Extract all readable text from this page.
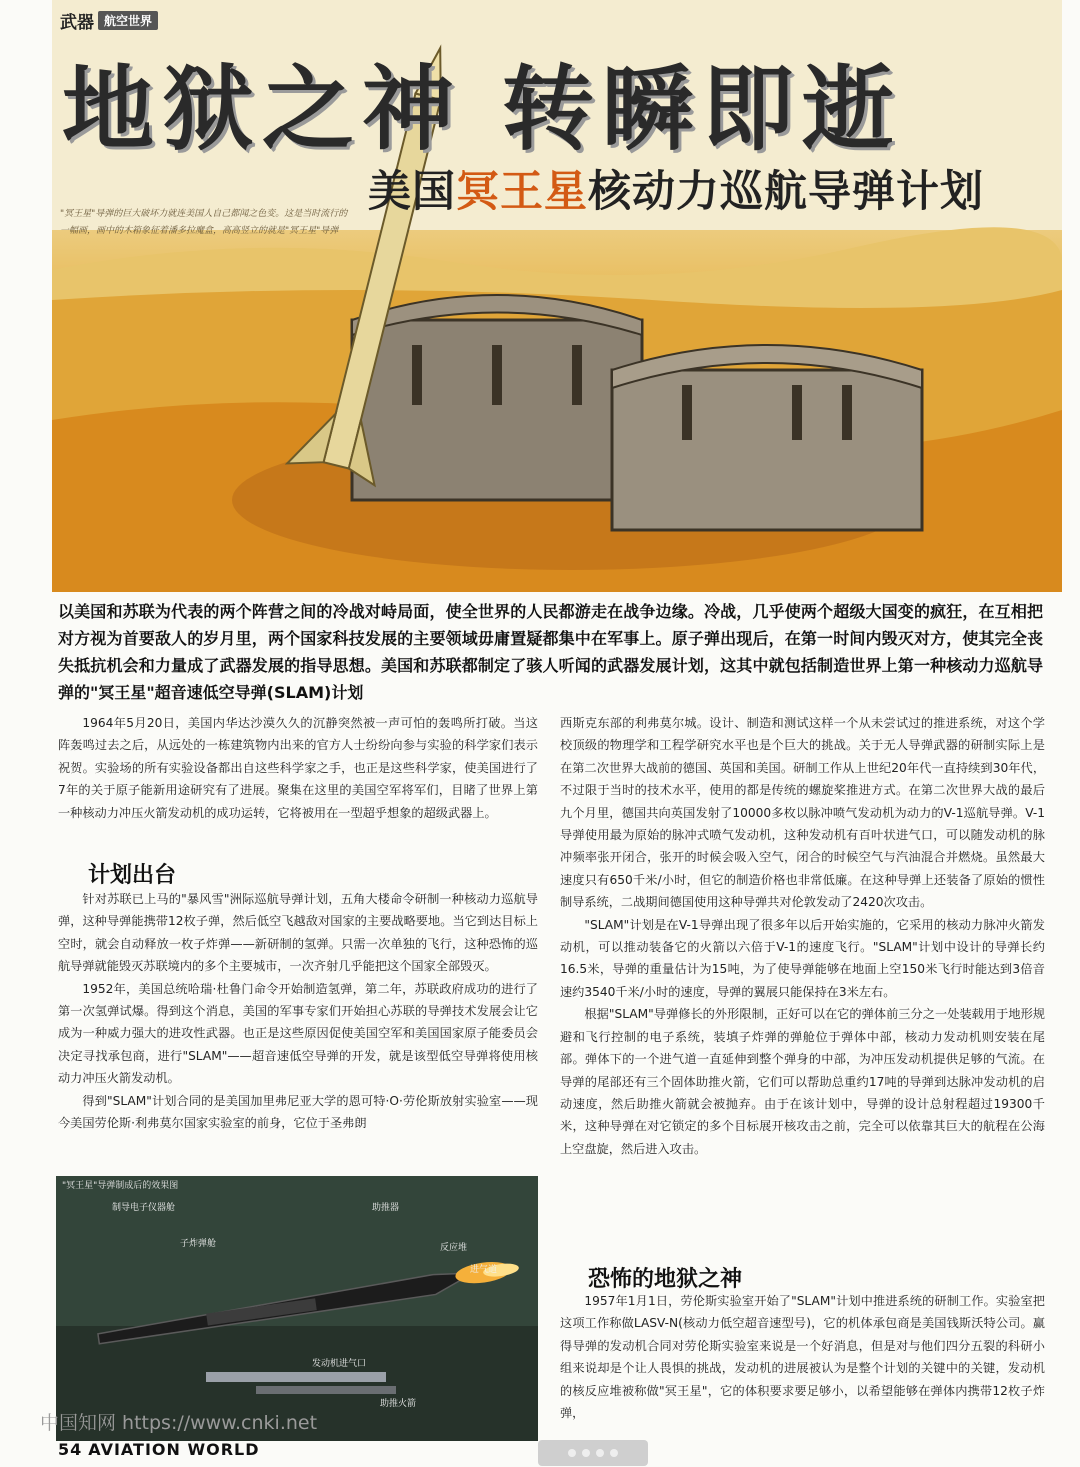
武器 航空世界
地狱之神 转瞬即逝
美国冥王星核动力巡航导弹计划
"冥王星"导弹的巨大破坏力就连美国人自己都闻之色变。这是当时流行的一幅画，画中的木箱象征着潘多拉魔盒，高高竖立的就是"冥王星"导弹
以美国和苏联为代表的两个阵营之间的冷战对峙局面，使全世界的人民都游走在战争边缘。冷战，几乎使两个超级大国变的疯狂，在互相把对方视为首要敌人的岁月里，两个国家科技发展的主要领域毋庸置疑都集中在军事上。原子弹出现后，在第一时间内毁灭对方，使其完全丧失抵抗机会和力量成了武器发展的指导思想。美国和苏联都制定了骇人听闻的武器发展计划，这其中就包括制造世界上第一种核动力巡航导弹的"冥王星"超音速低空导弹(SLAM)计划

1964年5月20日，美国内华达沙漠久久的沉静突然被一声可怕的轰鸣所打破。当这阵轰鸣过去之后，从远处的一栋建筑物内出来的官方人士纷纷向参与实验的科学家们表示祝贺。实验场的所有实验设备都出自这些科学家之手，也正是这些科学家，使美国进行了7年的关于原子能新用途研究有了进展。聚集在这里的美国空军将军们，目睹了世界上第一种核动力冲压火箭发动机的成功运转，它将被用在一型超乎想象的超级武器上。

计划出台

针对苏联已上马的"暴风雪"洲际巡航导弹计划，五角大楼命令研制一种核动力巡航导弹，这种导弹能携带12枚子弹，然后低空飞越敌对国家的主要战略要地。当它到达目标上空时，就会自动释放一枚子炸弹——新研制的氢弹。只需一次单独的飞行，这种恐怖的巡航导弹就能毁灭苏联境内的多个主要城市，一次齐射几乎能把这个国家全部毁灭。

1952年，美国总统哈瑞·杜鲁门命令开始制造氢弹，第二年，苏联政府成功的进行了第一次氢弹试爆。得到这个消息，美国的军事专家们开始担心苏联的导弹技术发展会让它成为一种威力强大的进攻性武器。也正是这些原因促使美国空军和美国国家原子能委员会决定寻找承包商，进行"SLAM"——超音速低空导弹的开发，就是该型低空导弹将使用核动力冲压火箭发动机。

得到"SLAM"计划合同的是美国加里弗尼亚大学的恩可特·O·劳伦斯放射实验室——现今美国劳伦斯·利弗莫尔国家实验室的前身，它位于圣弗朗

西斯克东部的利弗莫尔城。设计、制造和测试这样一个从未尝试过的推进系统，对这个学校顶级的物理学和工程学研究水平也是个巨大的挑战。关于无人导弹武器的研制实际上是在第二次世界大战前的德国、英国和美国。研制工作从上世纪20年代一直持续到30年代，不过限于当时的技术水平，使用的都是传统的螺旋桨推进方式。在第二次世界大战的最后九个月里，德国共向英国发射了10000多枚以脉冲喷气发动机为动力的V-1巡航导弹。V-1导弹使用最为原始的脉冲式喷气发动机，这种发动机有百叶状进气口，可以随发动机的脉冲频率张开闭合，张开的时候会吸入空气，闭合的时候空气与汽油混合并燃烧。虽然最大速度只有650千米/小时，但它的制造价格也非常低廉。在这种导弹上还装备了原始的惯性制导系统，二战期间德国使用这种导弹共对伦敦发动了2420次攻击。

"SLAM"计划是在V-1导弹出现了很多年以后开始实施的，它采用的核动力脉冲火箭发动机，可以推动装备它的火箭以六倍于V-1的速度飞行。"SLAM"计划中设计的导弹长约16.5米，导弹的重量估计为15吨，为了使导弹能够在地面上空150米飞行时能达到3倍音速约3540千米/小时的速度，导弹的翼展只能保持在3米左右。

根据"SLAM"导弹修长的外形限制，正好可以在它的弹体前三分之一处装载用于地形规避和飞行控制的电子系统，装填子炸弹的弹舱位于弹体中部，核动力发动机则安装在尾部。弹体下的一个进气道一直延伸到整个弹身的中部，为冲压发动机提供足够的气流。在导弹的尾部还有三个固体助推火箭，它们可以帮助总重约17吨的导弹到达脉冲发动机的启动速度，然后助推火箭就会被抛弃。由于在该计划中，导弹的设计总射程超过19300千米，这种导弹在对它锁定的多个目标展开核攻击之前，完全可以依靠其巨大的航程在公海上空盘旋，然后进入攻击。

恐怖的地狱之神

1957年1月1日，劳伦斯实验室开始了"SLAM"计划中推进系统的研制工作。实验室把这项工作称做LASV-N(核动力低空超音速型号)，它的机体承包商是美国钱斯沃特公司。赢得导弹的发动机合同对劳伦斯实验室来说是一个好消息，但是对与他们四分五裂的科研小组来说却是个让人畏惧的挑战，发动机的进展被认为是整个计划的关键中的关键，发动机的核反应堆被称做"冥王星"，它的体积要求要足够小，以希望能够在弹体内携带12枚子炸弹，

"冥王星"导弹制成后的效果图
制导电子仪器舱	助推器
子炸弹舱	反应堆
进气道
发动机进气口
助推火箭
中国知网 https://www.cnki.net
54 AVIATION WORLD
